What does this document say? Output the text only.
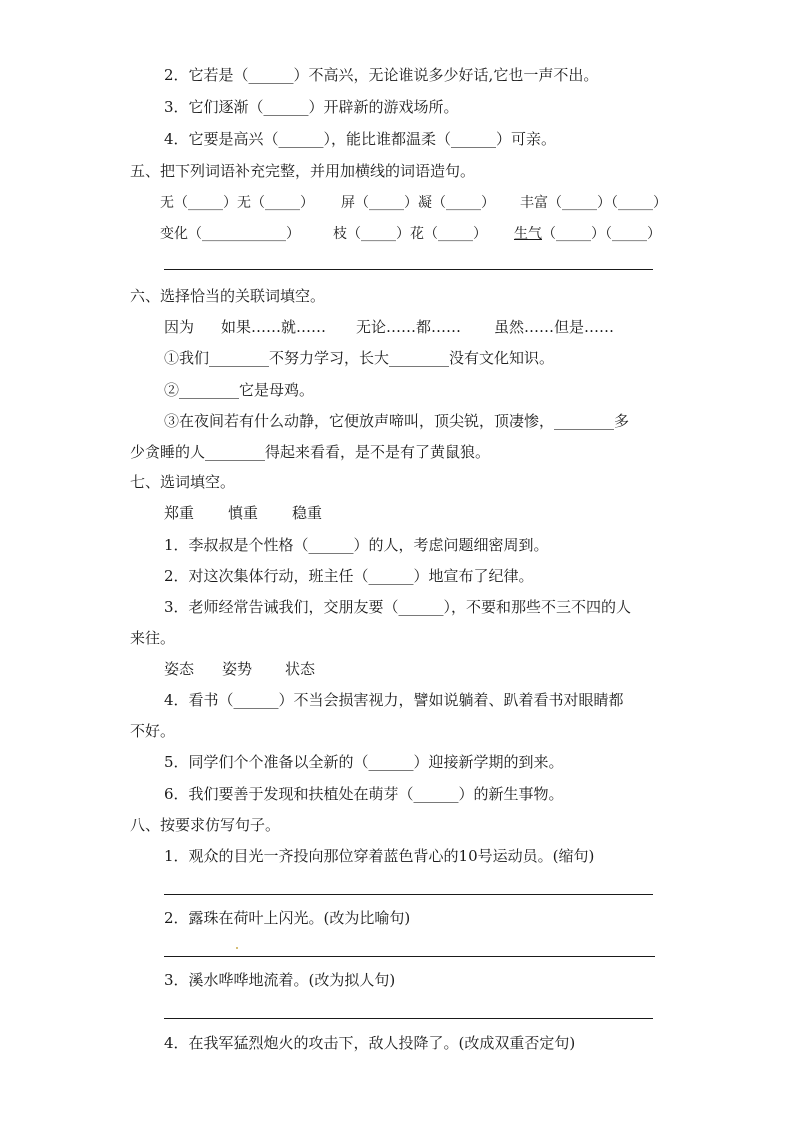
2．它若是（______）不高兴，无论谁说多少好话,它也一声不出。
3．它们逐渐（______）开辟新的游戏场所。
4．它要是高兴（______），能比谁都温柔（______）可亲。
五、把下列词语补充完整，并用加横线的词语造句。
无（_____）无（_____） 屏（_____）凝（_____） 丰富（_____）（_____）
变化（____________） 枝（_____）花（_____） 生气（_____）（_____）
六、选择恰当的关联词填空。
因为 如果……就…… 无论……都…… 虽然……但是……
①我们________不努力学习，长大________没有文化知识。
②________它是母鸡。
③在夜间若有什么动静，它便放声啼叫，顶尖锐，顶凄惨，________多
少贪睡的人________得起来看看，是不是有了黄鼠狼。
七、选词填空。
郑重 慎重 稳重
1．李叔叔是个性格（______）的人，考虑问题细密周到。
2．对这次集体行动，班主任（______）地宣布了纪律。
3．老师经常告诫我们，交朋友要（______），不要和那些不三不四的人
来往。
姿态 姿势 状态
4．看书（______）不当会损害视力，譬如说躺着、趴着看书对眼睛都
不好。
5．同学们个个准备以全新的（______）迎接新学期的到来。
6．我们要善于发现和扶植处在萌芽（______）的新生事物。
八、按要求仿写句子。
1．观众的目光一齐投向那位穿着蓝色背心的10号运动员。(缩句)
2．露珠在荷叶上闪光。(改为比喻句)
3．溪水哗哗地流着。(改为拟人句)
4．在我军猛烈炮火的攻击下，敌人投降了。(改成双重否定句)
